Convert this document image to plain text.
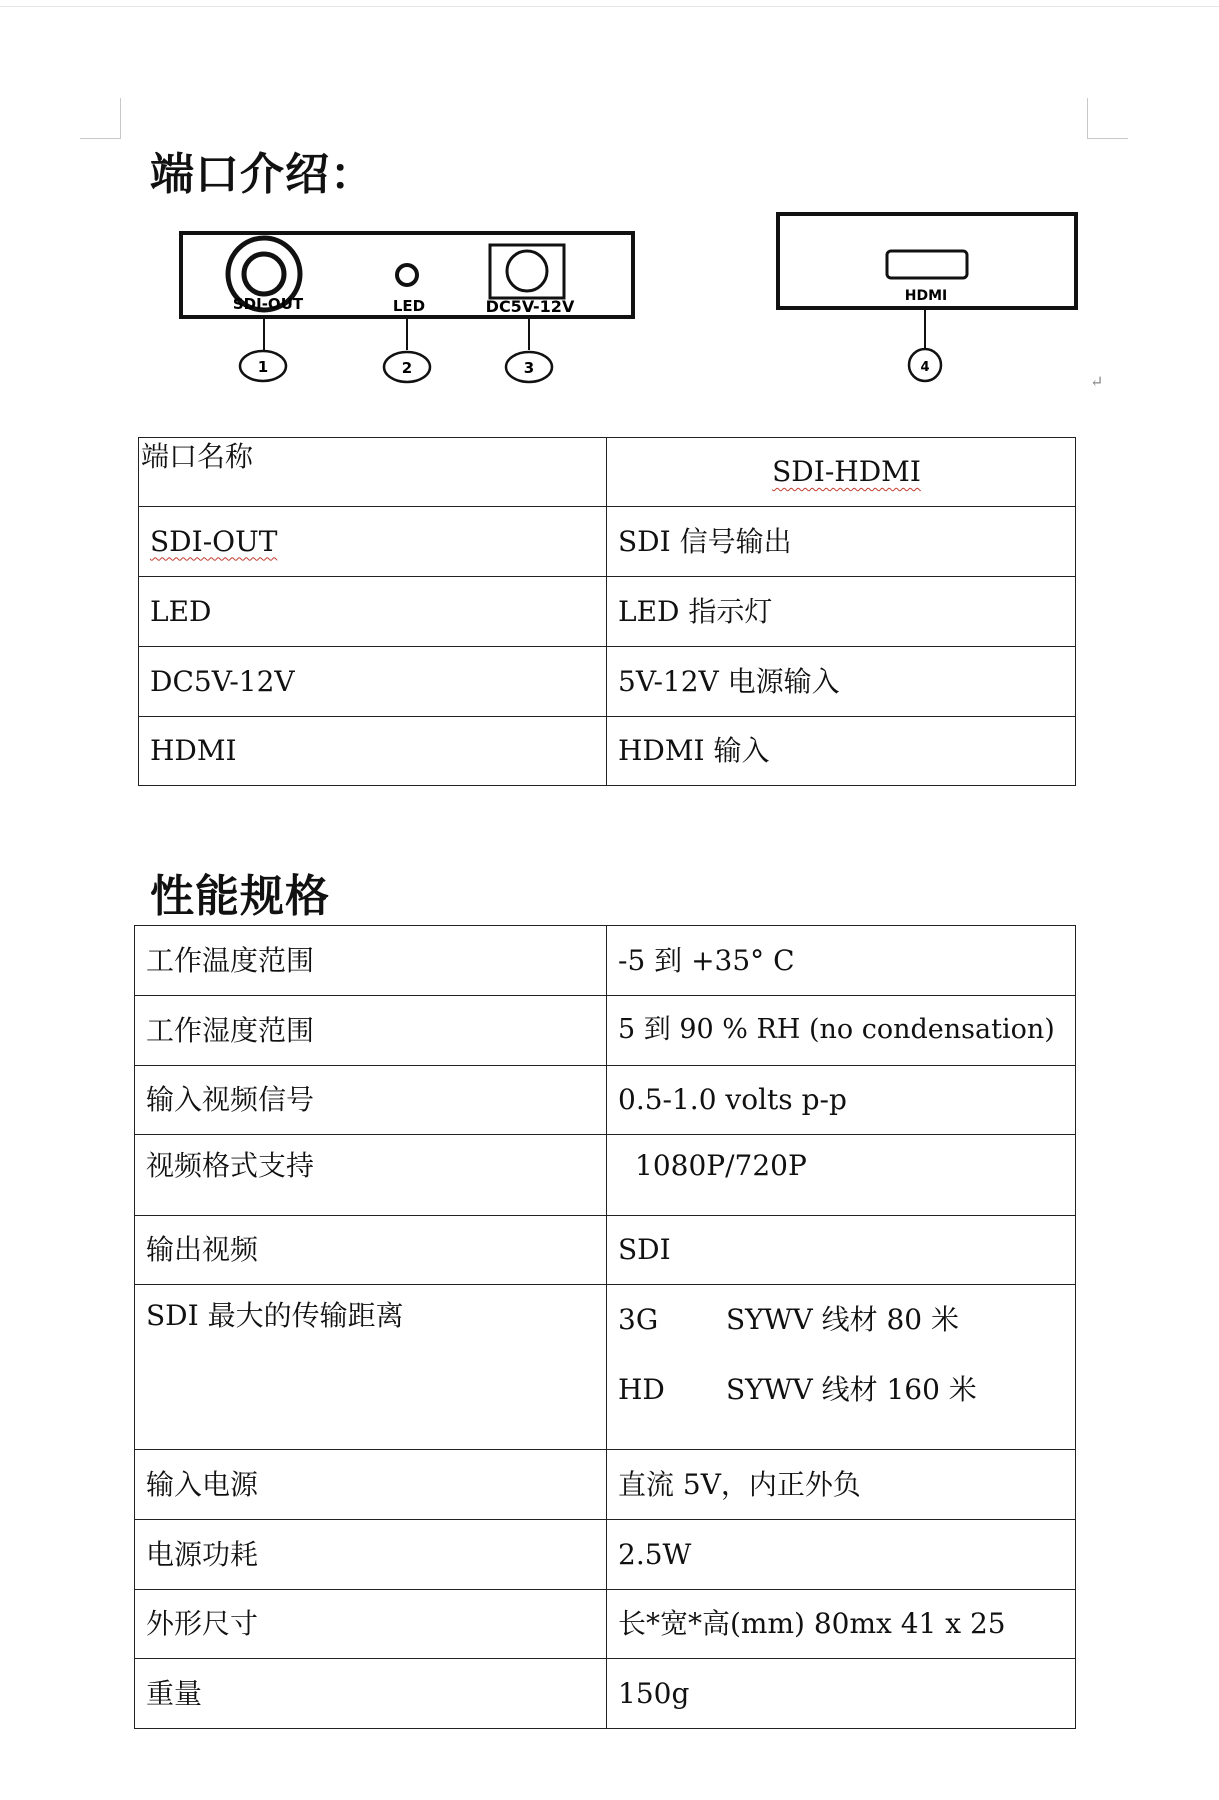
端口介绍：
SDI-OUT	LED	DC5V-12V
1	2	3
HDMI
4
↵
端口名称	SDI-HDMI
SDI-OUT	SDI 信号输出
LED	LED 指示灯
DC5V-12V	5V-12V 电源输入
HDMI	HDMI 输入
性能规格
工作温度范围	-5 到 +35° C
工作湿度范围	5 到 90 % RH (no condensation)
输入视频信号	0.5-1.0 volts p-p
视频格式支持	1080P/720P
输出视频	SDI
SDI 最大的传输距离	3G SYWV 线材 80 米
HD SYWV 线材 160 米

输入电源	直流 5V，内正外负
电源功耗	2.5W
外形尺寸	长*宽*高(mm) 80mx 41 x 25
重量	150g
